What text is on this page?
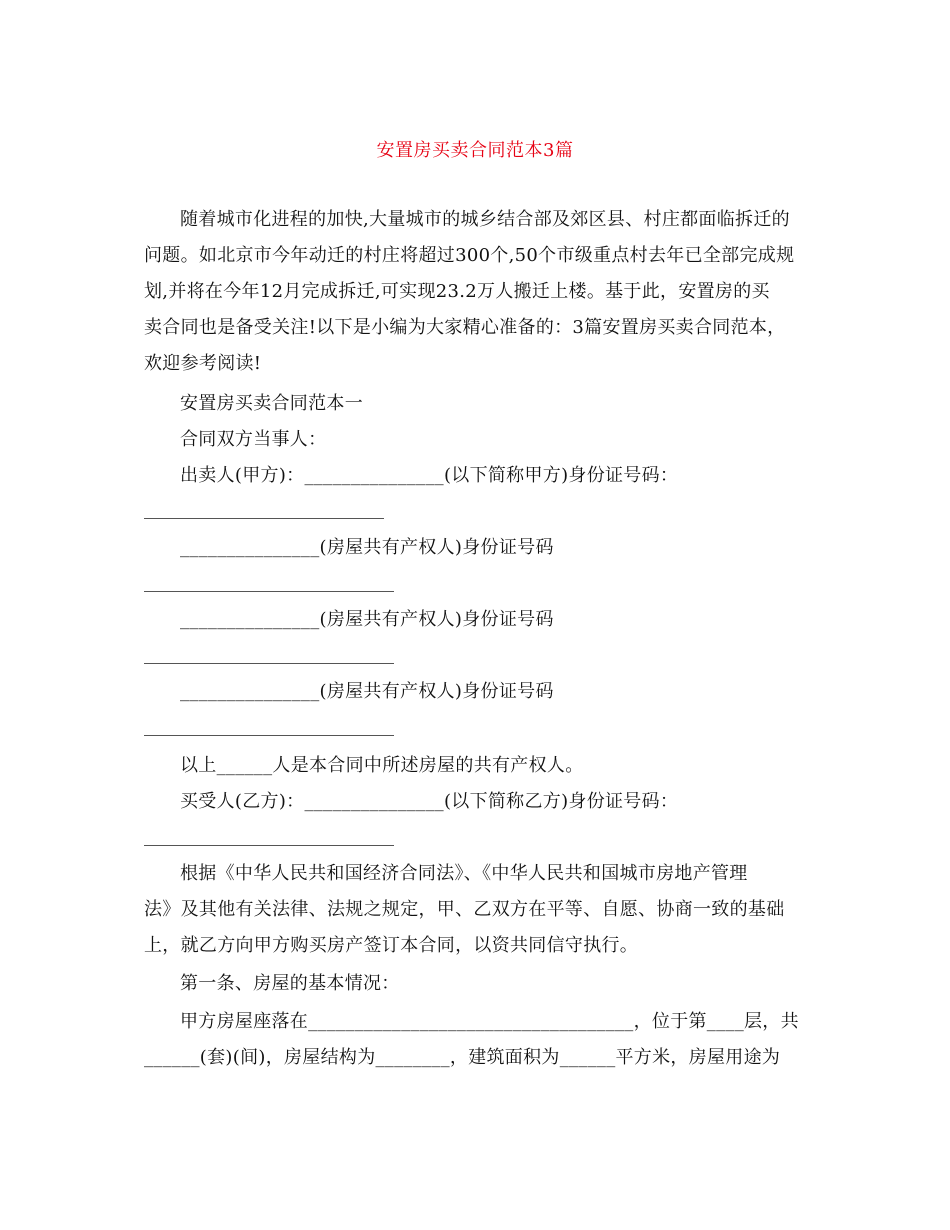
安置房买卖合同范本3篇
随着城市化进程的加快,大量城市的城乡结合部及郊区县、村庄都面临拆迁的
问题。如北京市今年动迁的村庄将超过300个,50个市级重点村去年已全部完成规
划,并将在今年12月完成拆迁,可实现23.2万人搬迁上楼。基于此，安置房的买
卖合同也是备受关注!以下是小编为大家精心准备的：3篇安置房买卖合同范本，
欢迎参考阅读!
安置房买卖合同范本一
合同双方当事人：
出卖人(甲方)：_______________(以下简称甲方)身份证号码：
_______________(房屋共有产权人)身份证号码
_______________(房屋共有产权人)身份证号码
_______________(房屋共有产权人)身份证号码
以上______人是本合同中所述房屋的共有产权人。
买受人(乙方)：_______________(以下简称乙方)身份证号码：
根据《中华人民共和国经济合同法》、《中华人民共和国城市房地产管理
法》及其他有关法律、法规之规定，甲、乙双方在平等、自愿、协商一致的基础
上，就乙方向甲方购买房产签订本合同，以资共同信守执行。
第一条、房屋的基本情况：
甲方房屋座落在___________________________________，位于第____层，共
______(套)(间)，房屋结构为________，建筑面积为______平方米，房屋用途为
